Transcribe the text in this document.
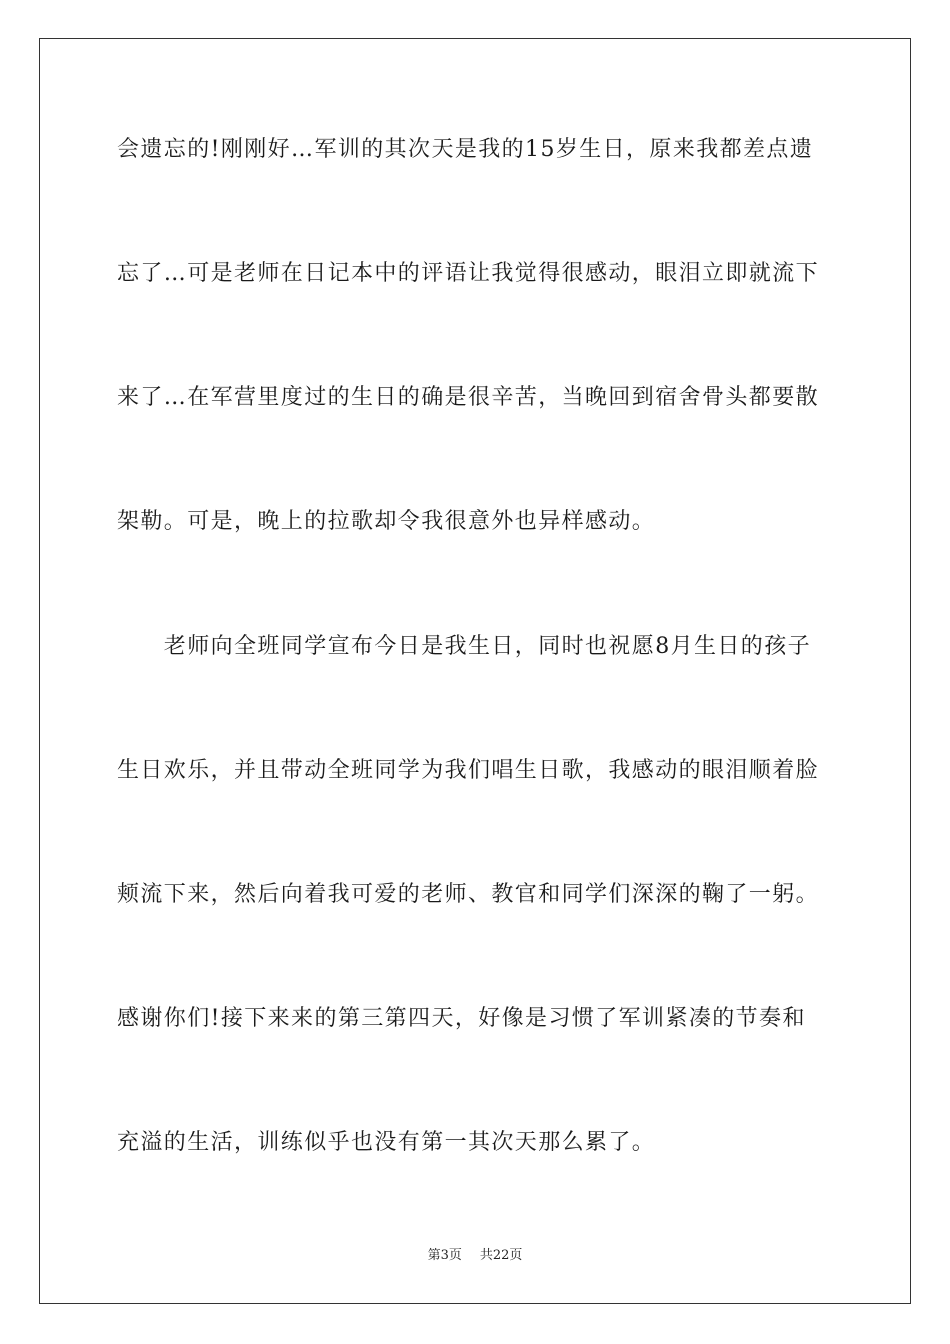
会遗忘的!刚刚好…军训的其次天是我的15岁生日，原来我都差点遗
忘了…可是老师在日记本中的评语让我觉得很感动，眼泪立即就流下
来了…在军营里度过的生日的确是很辛苦，当晚回到宿舍骨头都要散
架勒。可是，晚上的拉歌却令我很意外也异样感动。
　　老师向全班同学宣布今日是我生日，同时也祝愿8月生日的孩子
生日欢乐，并且带动全班同学为我们唱生日歌，我感动的眼泪顺着脸
颊流下来，然后向着我可爱的老师、教官和同学们深深的鞠了一躬。
感谢你们!接下来来的第三第四天，好像是习惯了军训紧凑的节奏和
充溢的生活，训练似乎也没有第一其次天那么累了。
第3页 共22页
